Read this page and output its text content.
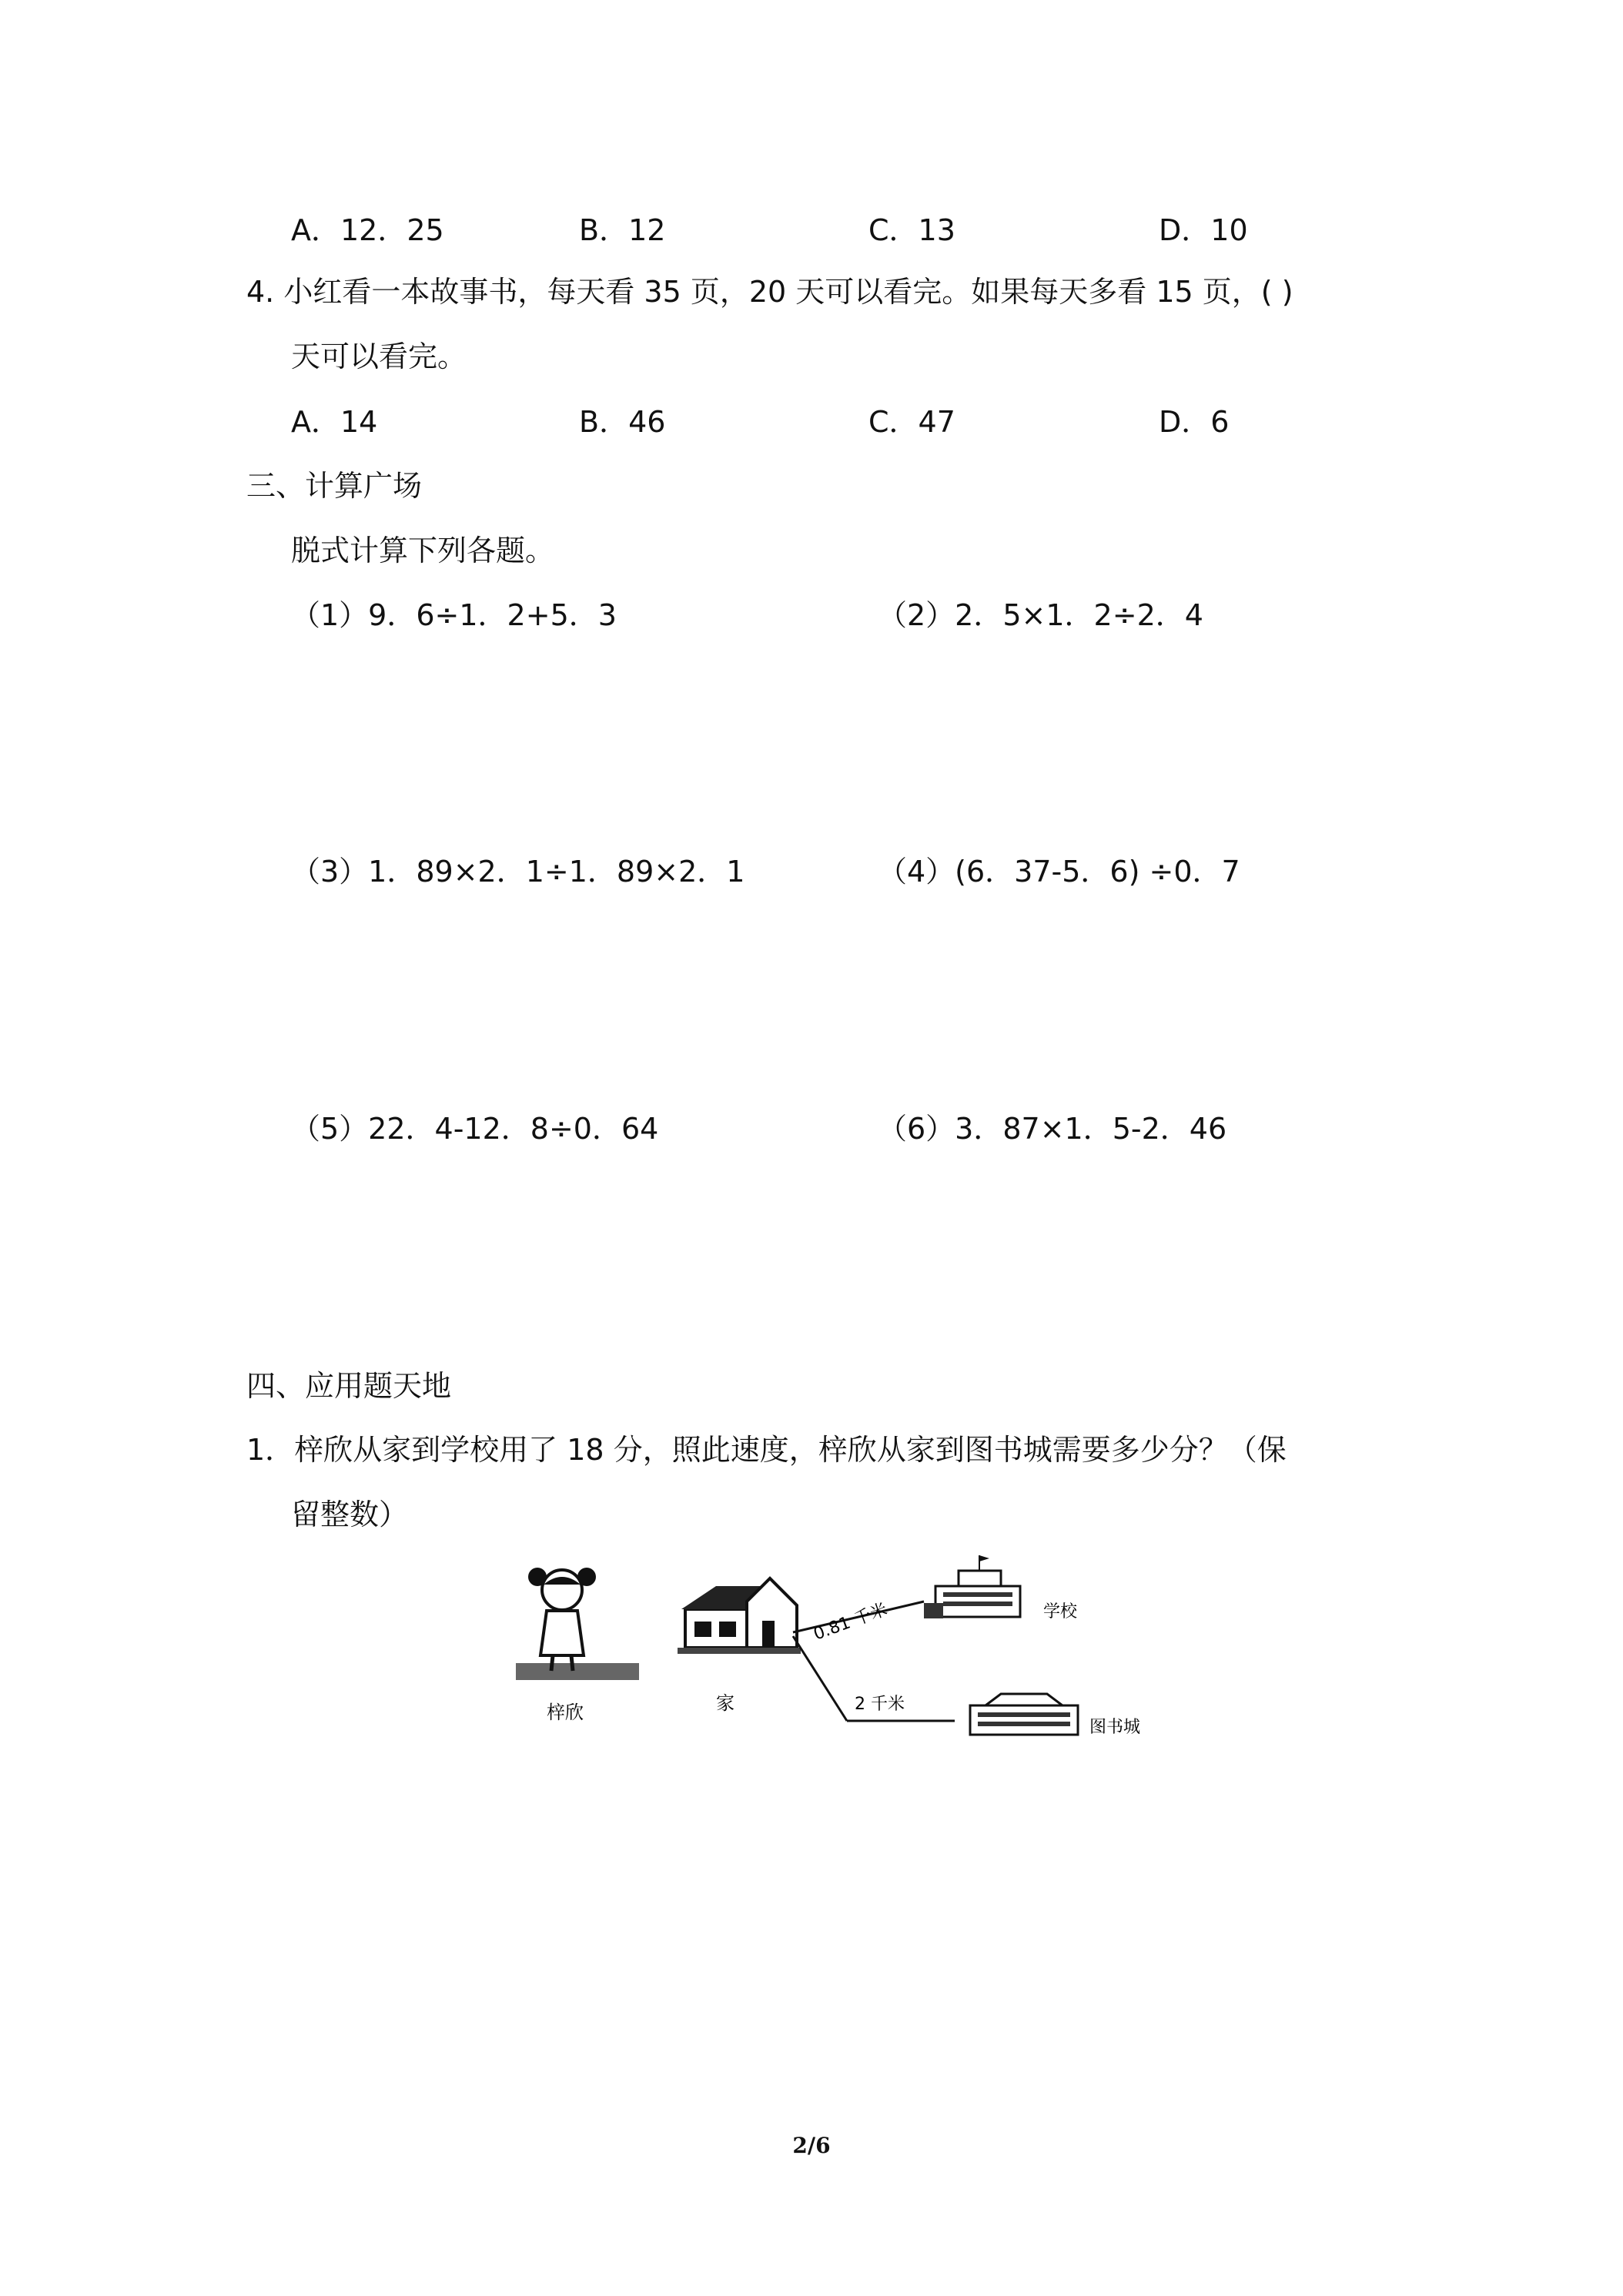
A．12．25	B．12	C．13	D．10
4. 小红看一本故事书，每天看 35 页，20 天可以看完。如果每天多看 15 页，( )
天可以看完。
A．14	B．46	C．47	D．6
三、计算广场
脱式计算下列各题。
（1）9．6÷1．2+5．3	（2）2．5×1．2÷2．4
（3）1．89×2．1÷1．89×2．1	（4）(6．37-5．6) ÷0．7
（5）22．4-12．8÷0．64	（6）3．87×1．5-2．46
四、应用题天地
1．梓欣从家到学校用了 18 分，照此速度，梓欣从家到图书城需要多少分？（保
留整数）
梓欣	家
0.81 千米
2 千米
学校
图书城
2/6
